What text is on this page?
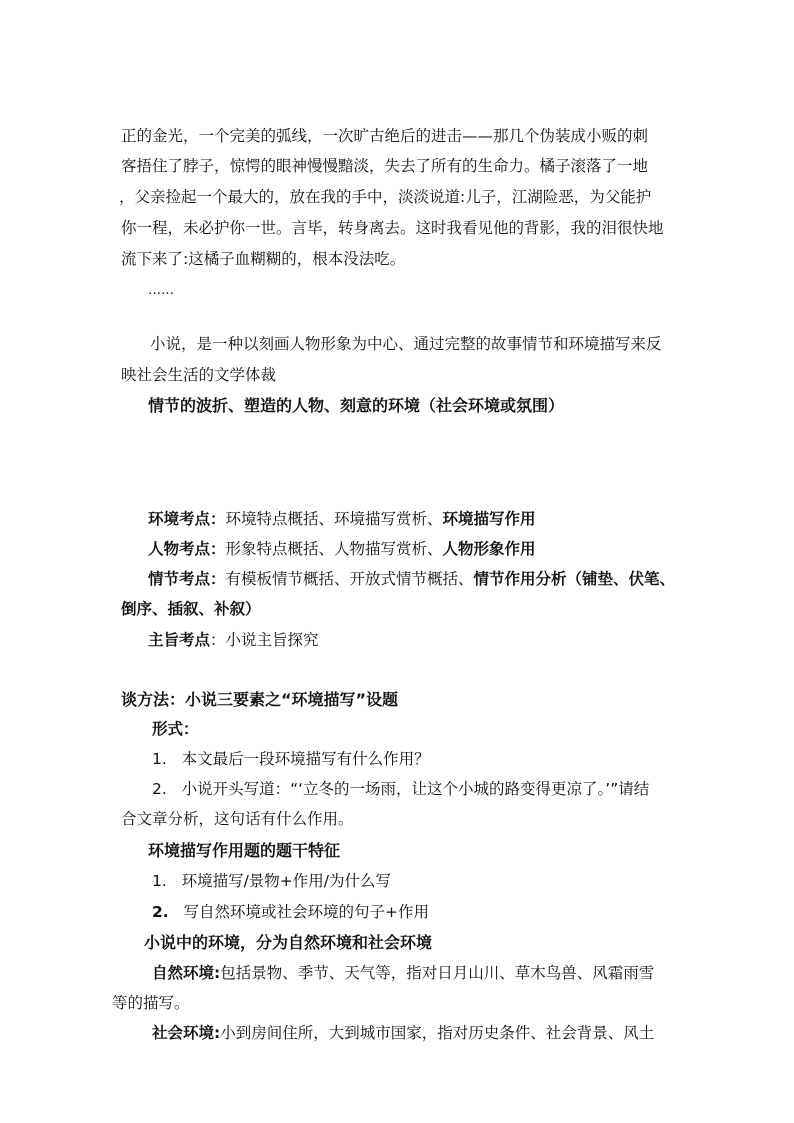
正的金光，一个完美的弧线，一次旷古绝后的进击——那几个伪装成小贩的刺
客捂住了脖子，惊愕的眼神慢慢黯淡，失去了所有的生命力。橘子滚落了一地
，父亲捡起一个最大的，放在我的手中，淡淡说道:儿子，江湖险恶，为父能护
你一程，未必护你一世。言毕，转身离去。这时我看见他的背影，我的泪很快地
流下来了:这橘子血糊糊的，根本没法吃。
……
小说，是一种以刻画人物形象为中心、通过完整的故事情节和环境描写来反
映社会生活的文学体裁
情节的波折、塑造的人物、刻意的环境（社会环境或氛围）
环境考点：环境特点概括、环境描写赏析、环境描写作用
人物考点：形象特点概括、人物描写赏析、人物形象作用
情节考点：有模板情节概括、开放式情节概括、情节作用分析（铺垫、伏笔、
倒序、插叙、补叙）
主旨考点：小说主旨探究
谈方法：小说三要素之“环境描写”设题
形式：
1. 本文最后一段环境描写有什么作用？
2. 小说开头写道：“‘立冬的一场雨，让这个小城的路变得更凉了。’”请结
合文章分析，这句话有什么作用。
环境描写作用题的题干特征
1. 环境描写/景物+作用/为什么写
2. 写自然环境或社会环境的句子+作用
小说中的环境，分为自然环境和社会环境
自然环境:包括景物、季节、天气等，指对日月山川、草木鸟兽、风霜雨雪
等的描写。
社会环境:小到房间住所，大到城市国家，指对历史条件、社会背景、风土
